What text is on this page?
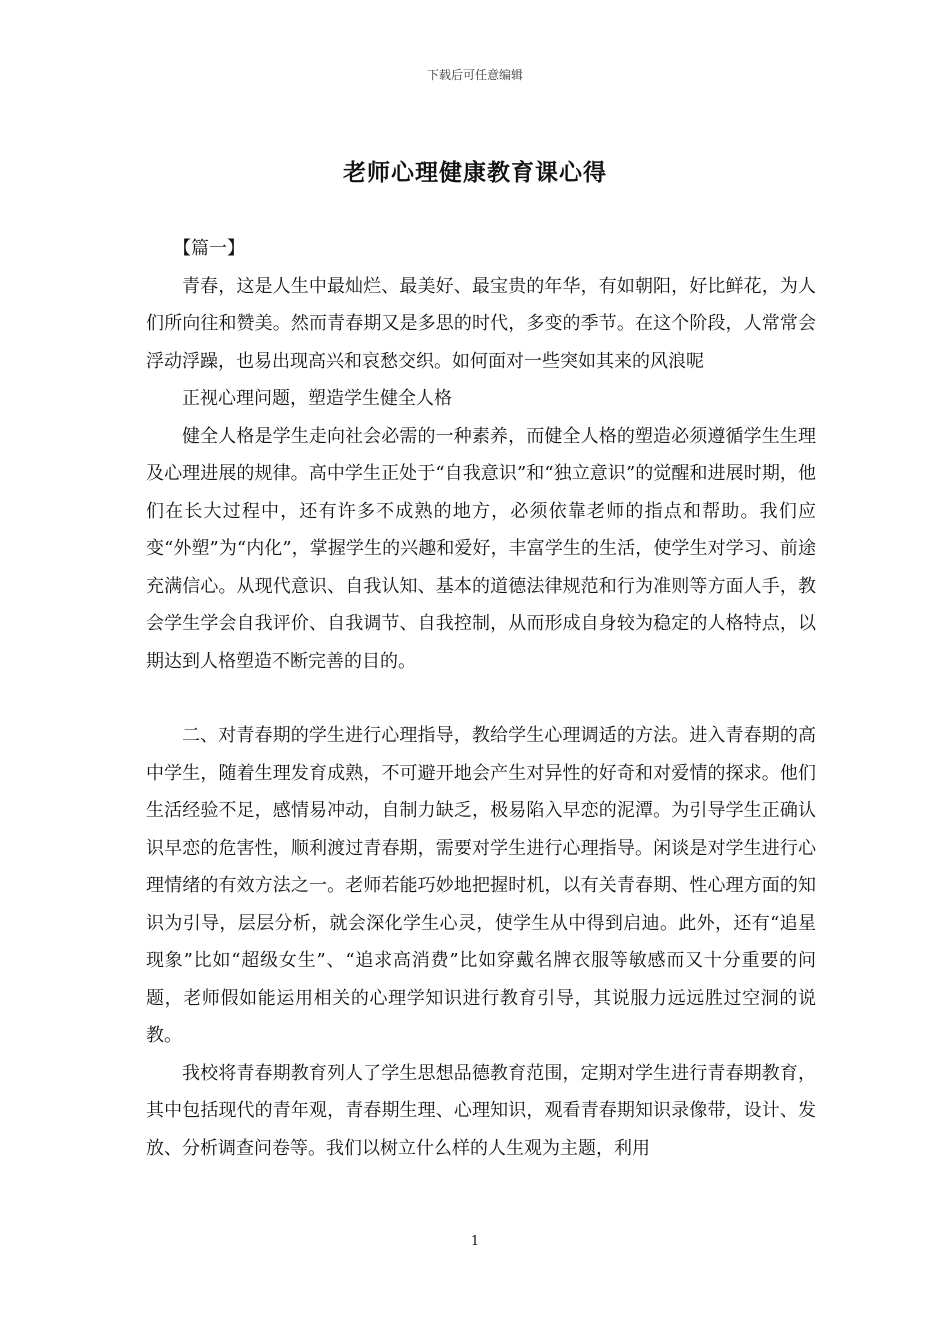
下载后可任意编辑
老师心理健康教育课心得

【篇一】

青春，这是人生中最灿烂、最美好、最宝贵的年华，有如朝阳，好比鲜花，为人们所向往和赞美。然而青春期又是多思的时代，多变的季节。在这个阶段，人常常会浮动浮躁，也易出现高兴和哀愁交织。如何面对一些突如其来的风浪呢

正视心理问题，塑造学生健全人格

健全人格是学生走向社会必需的一种素养，而健全人格的塑造必须遵循学生生理及心理进展的规律。高中学生正处于“自我意识”和“独立意识”的觉醒和进展时期，他们在长大过程中，还有许多不成熟的地方，必须依靠老师的指点和帮助。我们应变“外塑”为“内化”，掌握学生的兴趣和爱好，丰富学生的生活，使学生对学习、前途充满信心。从现代意识、自我认知、基本的道德法律规范和行为准则等方面人手，教会学生学会自我评价、自我调节、自我控制，从而形成自身较为稳定的人格特点，以期达到人格塑造不断完善的目的。

二、对青春期的学生进行心理指导，教给学生心理调适的方法。进入青春期的高中学生，随着生理发育成熟，不可避开地会产生对异性的好奇和对爱情的探求。他们生活经验不足，感情易冲动，自制力缺乏，极易陷入早恋的泥潭。为引导学生正确认识早恋的危害性，顺利渡过青春期，需要对学生进行心理指导。闲谈是对学生进行心理情绪的有效方法之一。老师若能巧妙地把握时机，以有关青春期、性心理方面的知识为引导，层层分析，就会深化学生心灵，使学生从中得到启迪。此外，还有“追星现象”比如“超级女生”、“追求高消费”比如穿戴名牌衣服等敏感而又十分重要的问题，老师假如能运用相关的心理学知识进行教育引导，其说服力远远胜过空洞的说教。

我校将青春期教育列人了学生思想品德教育范围，定期对学生进行青春期教育，其中包括现代的青年观，青春期生理、心理知识，观看青春期知识录像带，设计、发放、分析调查问卷等。我们以树立什么样的人生观为主题，利用

1
